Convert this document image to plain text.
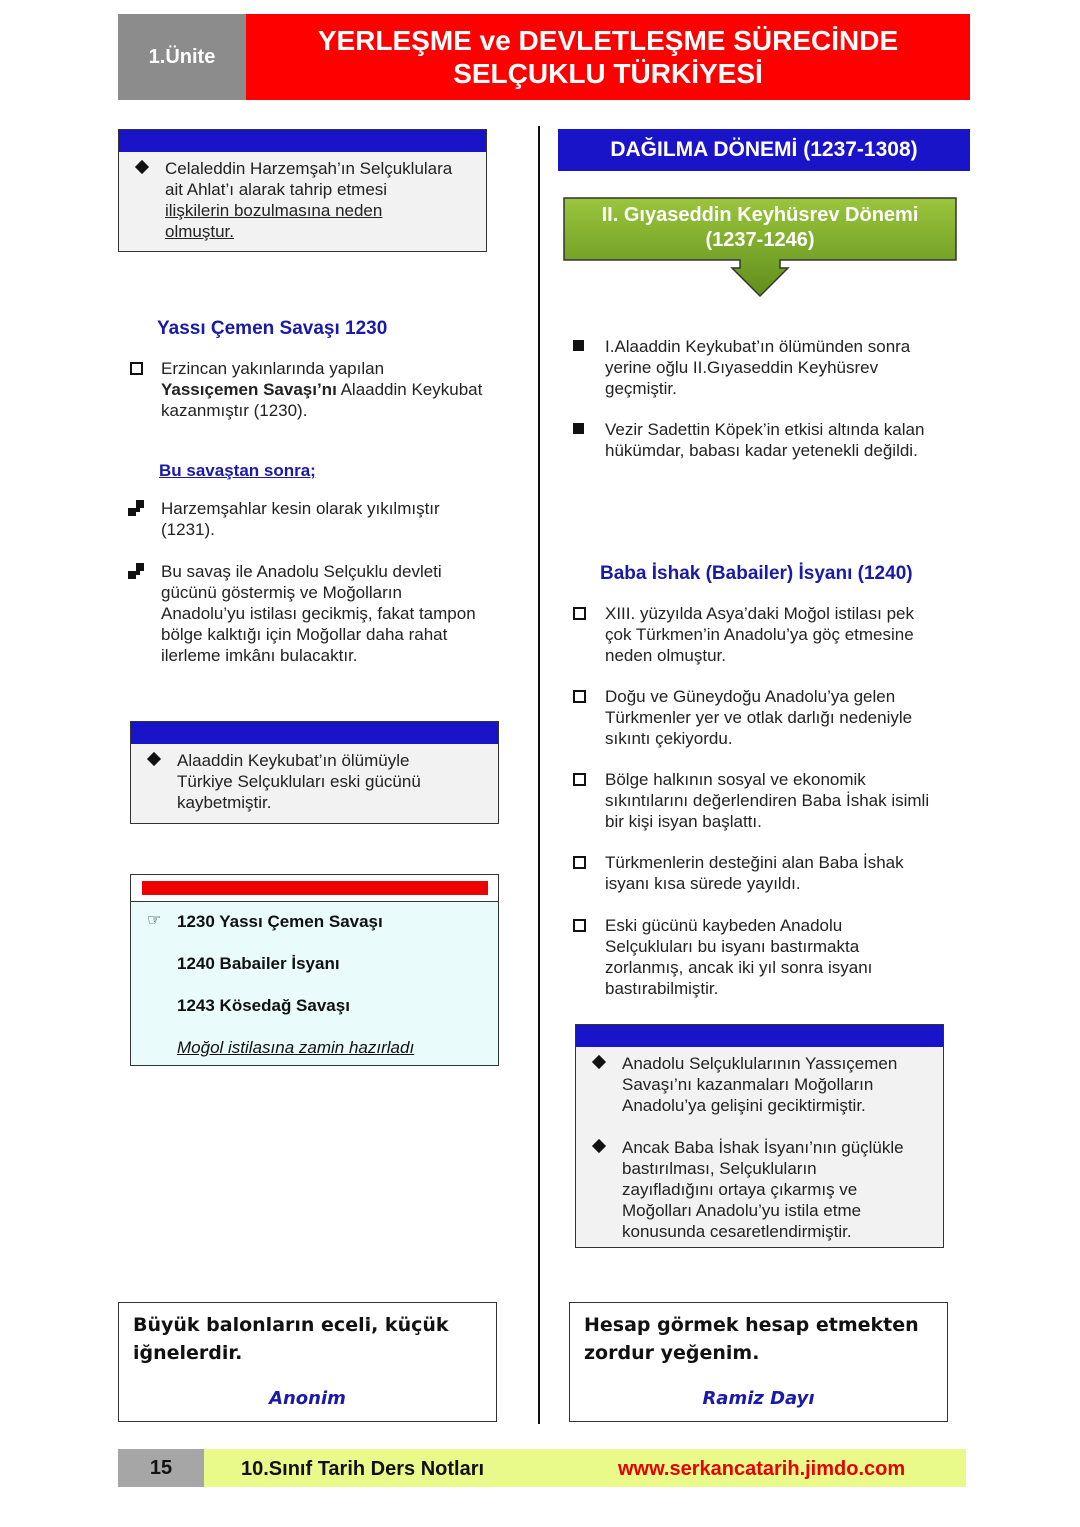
1.Ünite
YERLEŞME ve DEVLETLEŞME SÜRECİNDE
SELÇUKLU TÜRKİYESİ
Celaleddin Harzemşah’ın Selçuklulara
ait Ahlat’ı alarak tahrip etmesi
ilişkilerin bozulmasına neden
olmuştur.
Yassı Çemen Savaşı 1230
Erzincan yakınlarında yapılan
Yassıçemen Savaşı’nı Alaaddin Keykubat
kazanmıştır (1230).
Bu savaştan sonra;
Harzemşahlar kesin olarak yıkılmıştır
(1231).
Bu savaş ile Anadolu Selçuklu devleti
gücünü göstermiş ve Moğolların
Anadolu’yu istilası gecikmiş, fakat tampon
bölge kalktığı için Moğollar daha rahat
ilerleme imkânı bulacaktır.
Alaaddin Keykubat’ın ölümüyle
Türkiye Selçukluları eski gücünü
kaybetmiştir.
☞ 1230 Yassı Çemen Savaşı
1240 Babailer İsyanı
1243 Kösedağ Savaşı
Moğol istilasına zamin hazırladı
Büyük balonların eceli, küçük
iğnelerdir.
Anonim
DAĞILMA DÖNEMİ (1237-1308)
II. Gıyaseddin Keyhüsrev Dönemi
(1237-1246)
I.Alaaddin Keykubat’ın ölümünden sonra
yerine oğlu II.Gıyaseddin Keyhüsrev
geçmiştir.
Vezir Sadettin Köpek’in etkisi altında kalan
hükümdar, babası kadar yetenekli değildi.
Baba İshak (Babailer) İsyanı (1240)
XIII. yüzyılda Asya’daki Moğol istilası pek
çok Türkmen’in Anadolu’ya göç etmesine
neden olmuştur.
Doğu ve Güneydoğu Anadolu’ya gelen
Türkmenler yer ve otlak darlığı nedeniyle
sıkıntı çekiyordu.
Bölge halkının sosyal ve ekonomik
sıkıntılarını değerlendiren Baba İshak isimli
bir kişi isyan başlattı.
Türkmenlerin desteğini alan Baba İshak
isyanı kısa sürede yayıldı.
Eski gücünü kaybeden Anadolu
Selçukluları bu isyanı bastırmakta
zorlanmış, ancak iki yıl sonra isyanı
bastırabilmiştir.
Anadolu Selçuklularının Yassıçemen
Savaşı’nı kazanmaları Moğolların
Anadolu’ya gelişini geciktirmiştir.
Ancak Baba İshak İsyanı’nın güçlükle
bastırılması, Selçukluların
zayıfladığını ortaya çıkarmış ve
Moğolları Anadolu’yu istila etme
konusunda cesaretlendirmiştir.
Hesap görmek hesap etmekten
zordur yeğenim.
Ramiz Dayı
15	10.Sınıf Tarih Ders Notları	www.serkancatarih.jimdo.com
